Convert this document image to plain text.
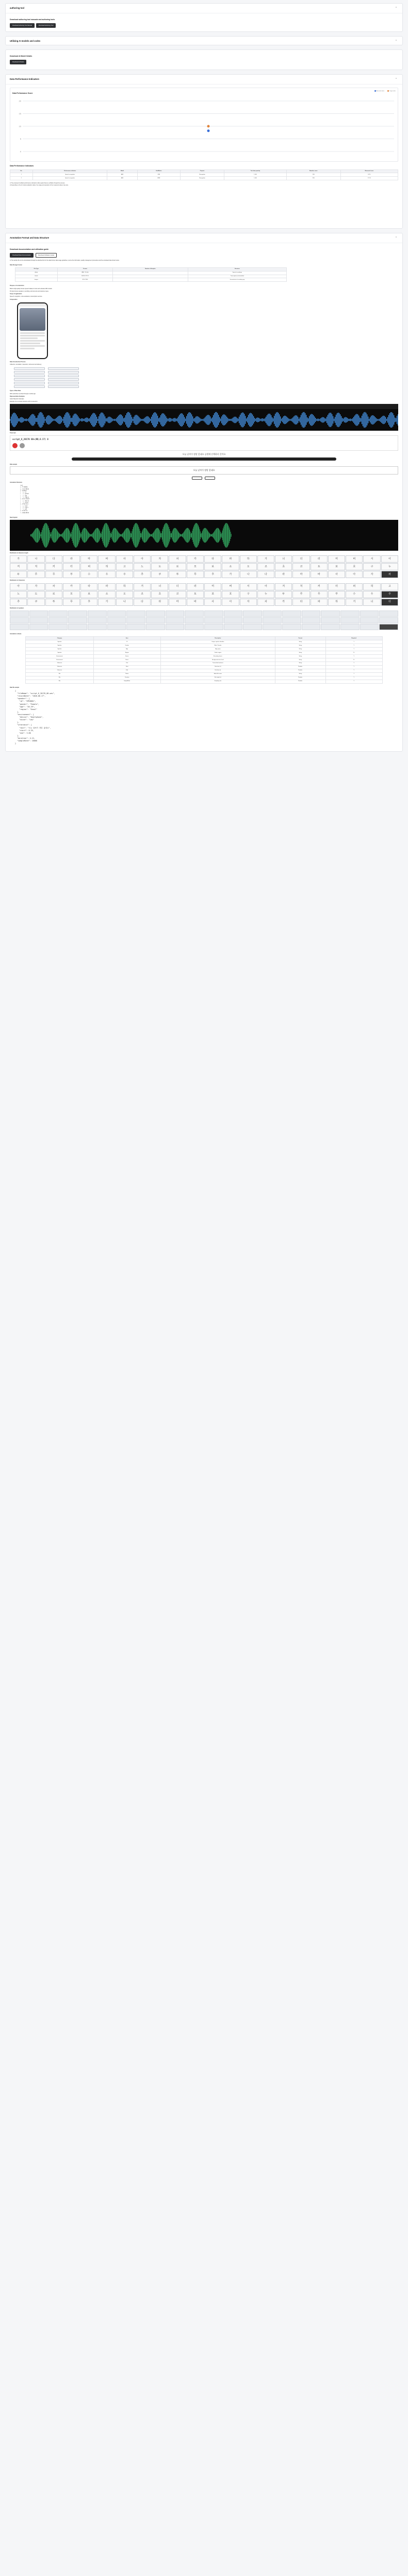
authoring tool	⌃
Download authoring tool manuals and authoring tools
Download Authoring Tool Manual	Download Authoring Tool
Utilizing AI models and codes	⌃
Download AI Model Details
Download AI Model
Data Performance Indicators	⌃
Data Performance Score
Measured value	Target value
0
5
10
15
20
Data Performance Indicators
No.	Performance indicator	Model	Unit/Metric	Purpose	Test data quantity	Baseline score	Measured score
1	Speech recognition	ASR	CER	Recognition	1,000	10%	8.2%
2	Speech recognition	ASR	WER	Recognition	1,000	20%	17.1%
※ The proposed modified performance indicators reflect goals that are verifiable through the process.
※ Depending on the AI model evaluation status, the usage and operation of the measured values may vary.
Annotation Format and Data Structure	⌃
Download documentation and utilization guide
Download Data Documentation	Download Utilization Guide
※ The sample file can be downloaded through the attached link for the data format, data usage guidelines, source file information, quality management procedures and the annotated data shown below.
Data Storage Format
File Type	Format	Number of Samples	Structure
Audio	WAV / 16 kHz		Speech recordings
Labels	JSON / UTF-8		Transcription and metadata
Images	JPG / PNG		Screenshots of recording app
Purpose of construction
Build a high-quality Korean speech dataset to train and evaluate ASR models.
Provide diverse speakers, recording environments and utterance types.
Scope of application
Speech recognition, voice assistants, transcription services.
Composition
Data Construction Process
Collection, annotation, inspection, refinement and delivery.
Types of Raw Data
WAV audio files recorded through a mobile app.
Representative Examples
Audio Waveform Example
Example of a recorded utterance with its waveform.
Transcript
script_6_20170 00+(RD,6.17) 0
오늘 날씨가 정말 좋네요 공원에 산책하러 갈까요
Data sample
오늘 날씨가 정말 좋네요
Annotation Structure
root
├─ fileName
├─ recordDate
├─ speaker
│   ├─ id
│   ├─ gender
│   ├─ age
│   └─ region
├─ environment
│   ├─ device
│   └─ noise
├─ utterance
│   ├─ text
│   ├─ start
│   └─ end
├─ duration
└─ sampleRate
Spectrogram
Distribution of utterance length
가	나	다	라	마	바	사	아	자	차	카	타	파	하	거	너	더	러	머	버	서	어
저	처	커	터	퍼	허	고	노	도	로	모	보	소	오	조	초	코	토	포	호	구	누
두	루	무	부	수	우	주	추	쿠	투	푸	후	가	나	다	라	마	바	사	아	자	차
Distribution of characters
아	자	차	카	타	파	하	거	너	더	러	머	버	서	어	저	처	커	터	퍼	허	고
노	도	로	모	보	소	오	조	초	코	토	포	호	구	누	두	루	무	부	수	우	주
추	쿠	투	푸	후	가	나	다	라	마	바	사	아	자	차	카	타	파	하	거	너	더
Distribution of speakers
Annotation schema
Category	Item	Description	Format	Required
Speaker	ID	Unique speaker identifier	String	Y
Speaker	Gender	Male / Female	String	Y
Speaker	Age	Age group	String	Y
Speaker	Region	Dialect region	String	N
Environment	Device	Recording device	String	Y
Environment	Noise	Background noise level	String	N
Utterance	Text	Transcribed sentence	String	Y
Utterance	Start	Start time (s)	Number	Y
Utterance	End	End time (s)	Number	Y
File	Name	Audio file name	String	Y
File	Duration	File length (s)	Number	Y
File	SampleRate	Sampling rate	Number	Y
Real file sample
{
"fileName": "script_6_20170_00.wav",
"recordDate": "2020-06-17",
"speaker": {
"id": "SPK0001",
"gender": "Female",
"age": "20-29",
"region": "Seoul"
},
"environment": {
"device": "Smartphone",
"noise": "Low"
},
"utterance": {
"text": "오늘 날씨가 정말 좋네요",
"start": 0.25,
"end": 3.80
},
"duration": 4.12,
"sampleRate": 16000
}
